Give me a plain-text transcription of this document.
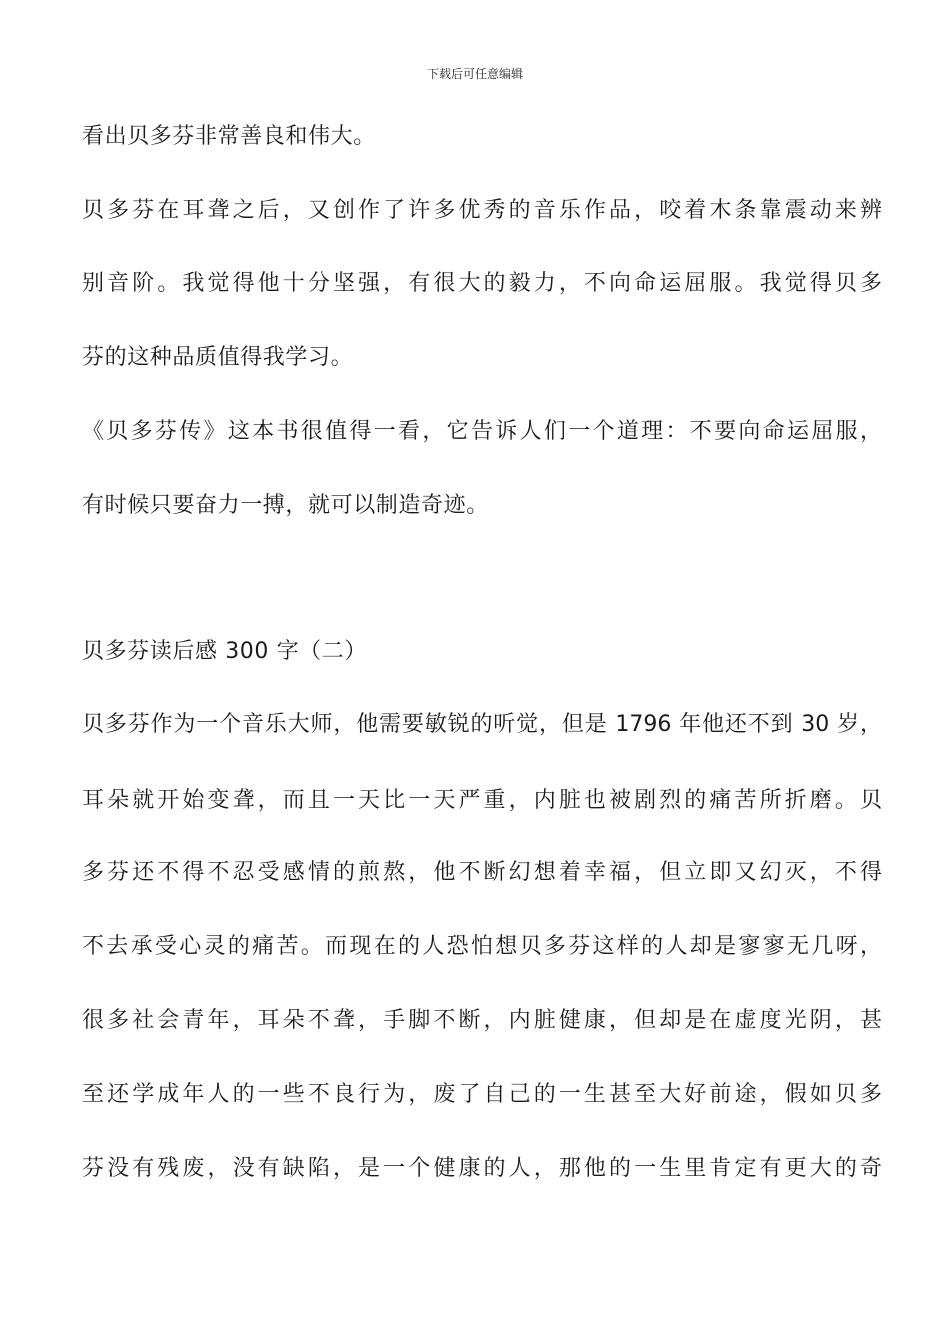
下载后可任意编辑
看出贝多芬非常善良和伟大。
贝多芬在耳聋之后，又创作了许多优秀的音乐作品，咬着木条靠震动来辨
别音阶。我觉得他十分坚强，有很大的毅力，不向命运屈服。我觉得贝多
芬的这种品质值得我学习。
《贝多芬传》这本书很值得一看，它告诉人们一个道理：不要向命运屈服，
有时候只要奋力一搏，就可以制造奇迹。
贝多芬读后感 300 字（二）
贝多芬作为一个音乐大师，他需要敏锐的听觉，但是 1796 年他还不到 30 岁，
耳朵就开始变聋，而且一天比一天严重，内脏也被剧烈的痛苦所折磨。贝
多芬还不得不忍受感情的煎熬，他不断幻想着幸福，但立即又幻灭，不得
不去承受心灵的痛苦。而现在的人恐怕想贝多芬这样的人却是寥寥无几呀，
很多社会青年，耳朵不聋，手脚不断，内脏健康，但却是在虚度光阴，甚
至还学成年人的一些不良行为，废了自己的一生甚至大好前途，假如贝多
芬没有残废，没有缺陷，是一个健康的人，那他的一生里肯定有更大的奇
